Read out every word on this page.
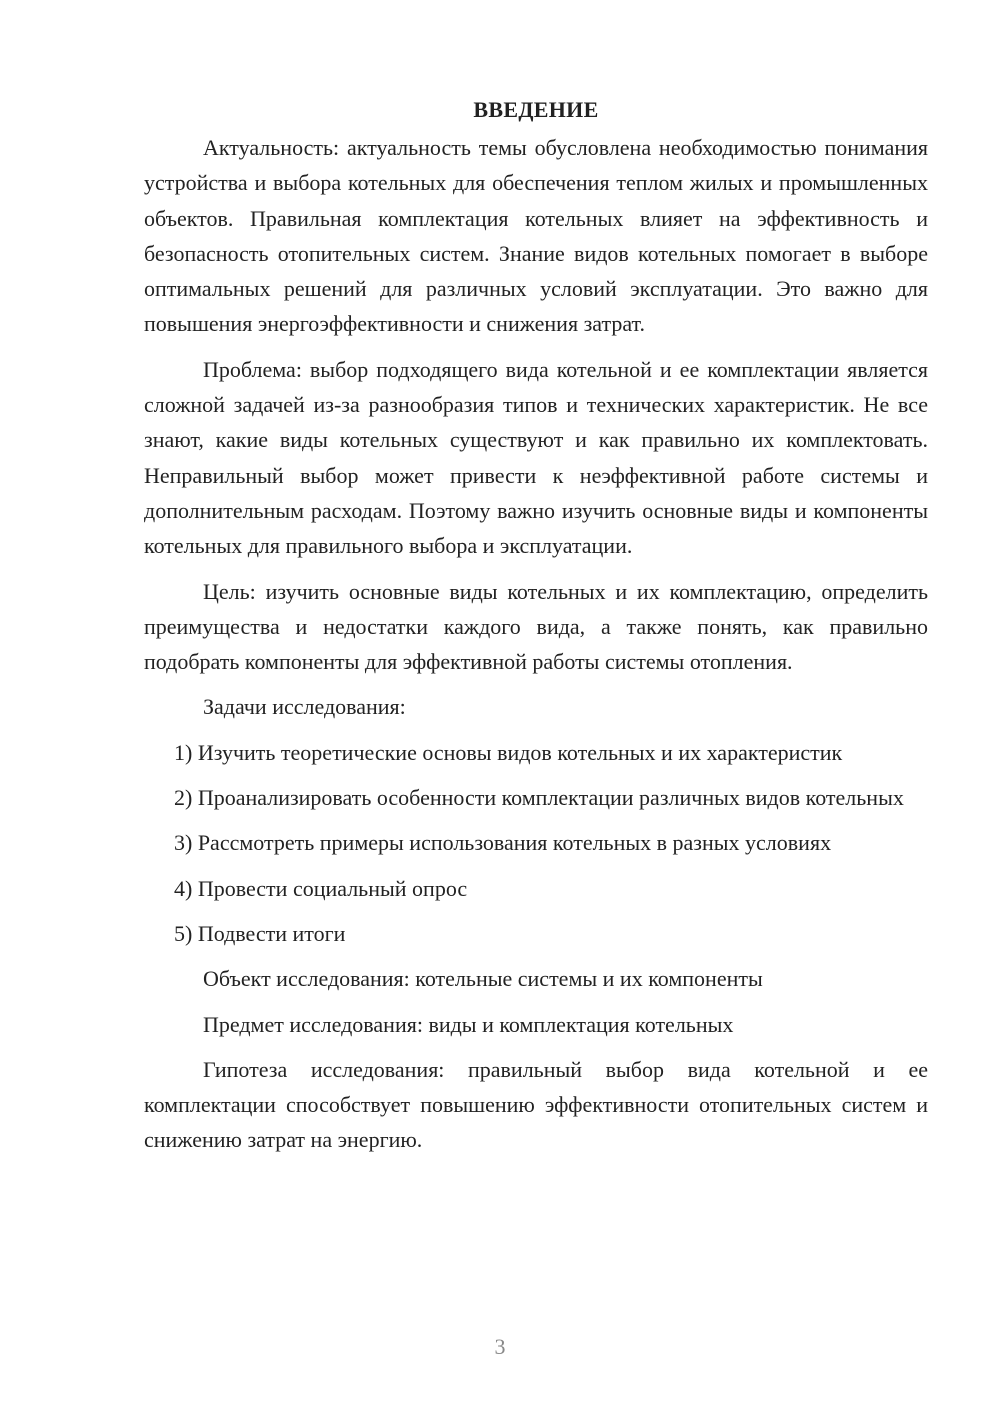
ВВЕДЕНИЕ

Актуальность: актуальность темы обусловлена необходимостью понимания устройства и выбора котельных для обеспечения теплом жилых и промышленных объектов. Правильная комплектация котельных влияет на эффективность и безопасность отопительных систем. Знание видов котельных помогает в выборе оптимальных решений для различных условий эксплуатации. Это важно для повышения энергоэффективности и снижения затрат.

Проблема: выбор подходящего вида котельной и ее комплектации является сложной задачей из-за разнообразия типов и технических характеристик. Не все знают, какие виды котельных существуют и как правильно их комплектовать. Неправильный выбор может привести к неэффективной работе системы и дополнительным расходам. Поэтому важно изучить основные виды и компоненты котельных для правильного выбора и эксплуатации.

Цель: изучить основные виды котельных и их комплектацию, определить преимущества и недостатки каждого вида, а также понять, как правильно подобрать компоненты для эффективной работы системы отопления.

Задачи исследования:

1) Изучить теоретические основы видов котельных и их характеристик

2) Проанализировать особенности комплектации различных видов котельных

3) Рассмотреть примеры использования котельных в разных условиях

4) Провести социальный опрос

5) Подвести итоги

Объект исследования: котельные системы и их компоненты

Предмет исследования: виды и комплектация котельных

Гипотеза исследования: правильный выбор вида котельной и ее комплектации способствует повышению эффективности отопительных систем и снижению затрат на энергию.

3
